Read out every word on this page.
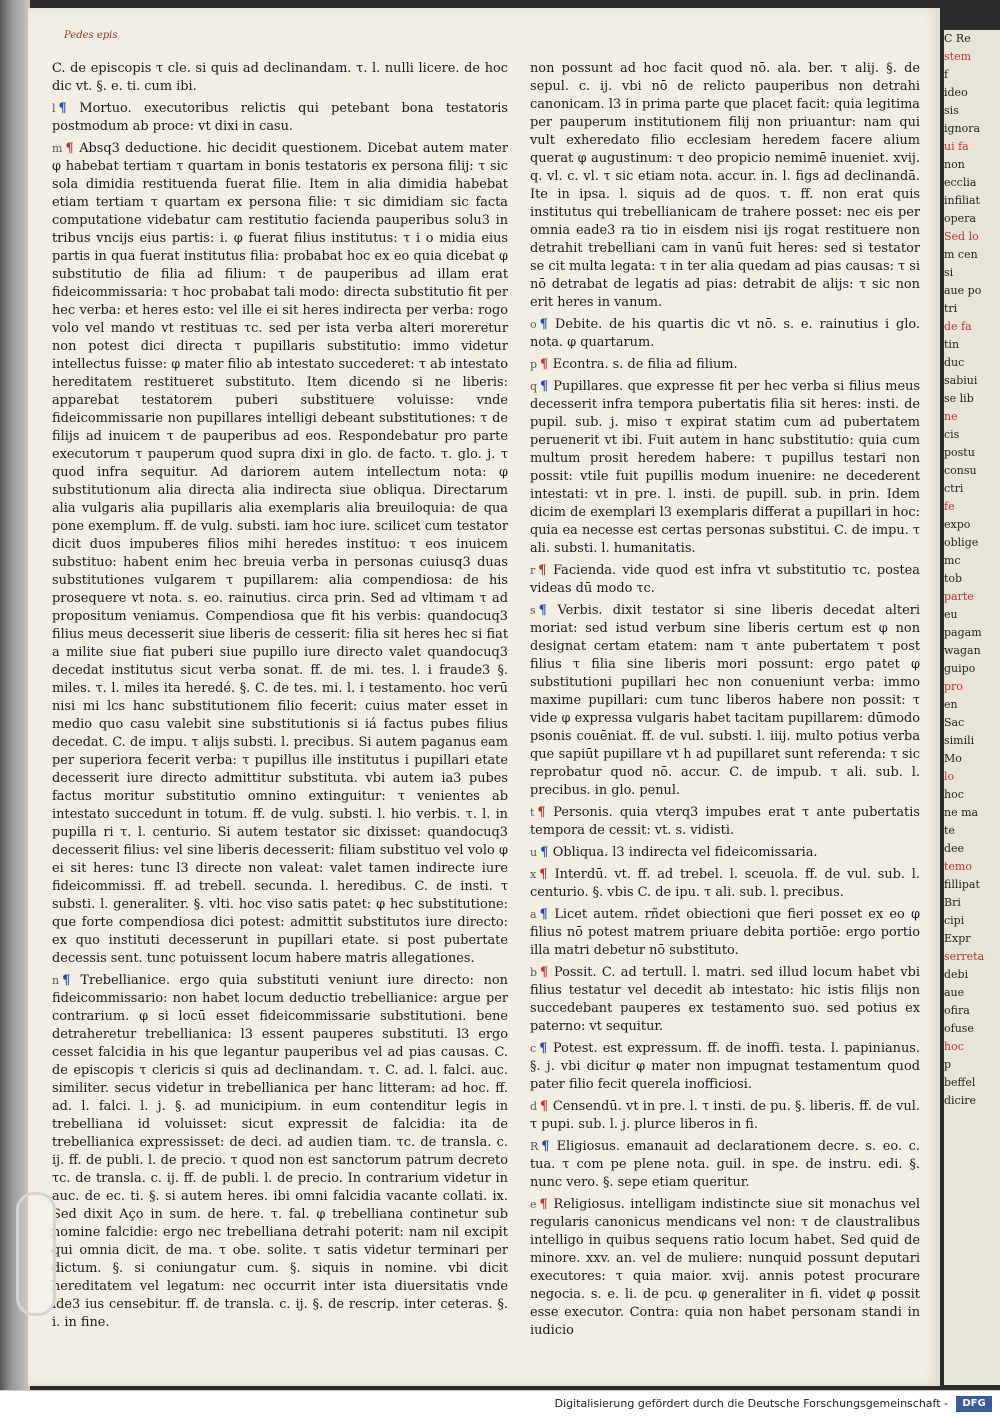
Pedes epis
C. de episcopis τ cle. si quis ad declinandam. τ. l. nulli licere. de hoc dic vt. §. e. ti. cum ibi.
l ¶ Mortuo. executoribus relictis qui petebant bona testatoris postmodum ab proce: vt dixi in casu.
m ¶ Absq3 deductione. hic decidit questionem. Dicebat autem mater φ habebat tertiam τ quartam in bonis testatoris ex persona filij: τ sic sola dimidia restituenda fuerat filie. Item in alia dimidia habebat etiam tertiam τ quartam ex persona filie: τ sic dimidiam sic facta computatione videbatur cam restitutio facienda pauperibus solu3 in tribus vncijs eius partis: i. φ fuerat filius institutus: τ i o midia eius partis in qua fuerat institutus filia: probabat hoc ex eo quia dicebat φ substitutio de filia ad filium: τ de pauperibus ad illam erat fideicommissaria: τ hoc probabat tali modo: directa substitutio fit per hec verba: et heres esto: vel ille ei sit heres indirecta per verba: rogo volo vel mando vt restituas τc. sed per ista verba alteri moreretur non potest dici directa τ pupillaris substitutio: immo videtur intellectus fuisse: φ mater filio ab intestato succederet: τ ab intestato hereditatem restitueret substituto. Item dicendo si ne liberis: apparebat testatorem puberi substituere voluisse: vnde fideicommissarie non pupillares intelligi debeant substitutiones: τ de filijs ad inuicem τ de pauperibus ad eos. Respondebatur pro parte executorum τ pauperum quod supra dixi in glo. de facto. τ. glo. j. τ quod infra sequitur. Ad dariorem autem intellectum nota: φ substitutionum alia directa alia indirecta siue obliqua. Directarum alia vulgaris alia pupillaris alia exemplaris alia breuiloquia: de qua pone exemplum. ff. de vulg. substi. iam hoc iure. scilicet cum testator dicit duos impuberes filios mihi heredes instituo: τ eos inuicem substituo: habent enim hec breuia verba in personas cuiusq3 duas substitutiones vulgarem τ pupillarem: alia compendiosa: de his prosequere vt nota. s. eo. rainutius. circa prin. Sed ad vltimam τ ad propositum veniamus. Compendiosa que fit his verbis: quandocuq3 filius meus decesserit siue liberis de cesserit: filia sit heres hec si fiat a milite siue fiat puberi siue pupillo iure directo valet quandocuq3 decedat institutus sicut verba sonat. ff. de mi. tes. l. i fraude3 §. miles. τ. l. miles ita heredé. §. C. de tes. mi. l. i testamento. hoc verū nisi mi lcs hanc substitutionem filio fecerit: cuius mater esset in medio quo casu valebit sine substitutionis si iá factus pubes filius decedat. C. de impu. τ alijs substi. l. precibus. Si autem paganus eam per superiora fecerit verba: τ pupillus ille institutus i pupillari etate decesserit iure directo admittitur substituta. vbi autem ia3 pubes factus moritur substitutio omnino extinguitur: τ venientes ab intestato succedunt in totum. ff. de vulg. substi. l. hio verbis. τ. l. in pupilla ri τ. l. centurio. Si autem testator sic dixisset: quandocuq3 decesserit filius: vel sine liberis decesserit: filiam substituo vel volo φ ei sit heres: tunc l3 directe non valeat: valet tamen indirecte iure fideicommissi. ff. ad trebell. secunda. l. heredibus. C. de insti. τ substi. l. generaliter. §. vlti. hoc viso satis patet: φ hec substitutione: que forte compendiosa dici potest: admittit substitutos iure directo: ex quo instituti decesserunt in pupillari etate. si post pubertate decessis sent. tunc potuissent locum habere matris allegationes.
n ¶ Trebellianice. ergo quia substituti veniunt iure directo: non fideicommissario: non habet locum deductio trebellianice: argue per contrarium. φ si locū esset fideicommissarie substitutioni. bene detraheretur trebellianica: l3 essent pauperes substituti. l3 ergo cesset falcidia in his que legantur pauperibus vel ad pias causas. C. de episcopis τ clericis si quis ad declinandam. τ. C. ad. l. falci. auc. similiter. secus videtur in trebellianica per hanc litteram: ad hoc. ff. ad. l. falci. l. j. §. ad municipium. in eum contenditur legis in trebelliana id voluisset: sicut expressit de falcidia: ita de trebellianica expressisset: de deci. ad audien tiam. τc. de transla. c. ij. ff. de publi. l. de precio. τ quod non est sanctorum patrum decreto τc. de transla. c. ij. ff. de publi. l. de precio. In contrarium videtur in auc. de ec. ti. §. si autem heres. ibi omni falcidia vacante collati. ix. Sed dixit Aço in sum. de here. τ. fal. φ trebelliana continetur sub nomine falcidie: ergo nec trebelliana detrahi poterit: nam nil excipit qui omnia dicit. de ma. τ obe. solite. τ satis videtur terminari per dictum. §. si coniungatur cum. §. siquis in nomine. vbi dicit hereditatem vel legatum: nec occurrit inter ista diuersitatis vnde ide3 ius censebitur. ff. de transla. c. ij. §. de rescrip. inter ceteras. §. i. in fine.
non possunt ad hoc facit quod nō. ala. ber. τ alij. §. de sepul. c. ij. vbi nō de relicto pauperibus non detrahi canonicam. l3 in prima parte que placet facit: quia legitima per pauperum institutionem filij non priuantur: nam qui vult exheredato filio ecclesiam heredem facere alium querat φ augustinum: τ deo propicio nemimē inueniet. xvij. q. vl. c. vl. τ sic etiam nota. accur. in. l. figs ad declinandā. Ite in ipsa. l. siquis ad de quos. τ. ff. non erat quis institutus qui trebellianicam de trahere posset: nec eis per omnia eade3 ra tio in eisdem nisi ijs rogat restituere non detrahit trebelliani cam in vanū fuit heres: sed si testator se cit multa legata: τ in ter alia quedam ad pias causas: τ si nō detrabat de legatis ad pias: detrabit de alijs: τ sic non erit heres in vanum.
o ¶ Debite. de his quartis dic vt nō. s. e. rainutius i glo. nota. φ quartarum.
p ¶ Econtra. s. de filia ad filium.
q ¶ Pupillares. que expresse fit per hec verba si filius meus decesserit infra tempora pubertatis filia sit heres: insti. de pupil. sub. j. miso τ expirat statim cum ad pubertatem peruenerit vt ibi. Fuit autem in hanc substitutio: quia cum multum prosit heredem habere: τ pupillus testari non possit: vtile fuit pupillis modum inuenire: ne decederent intestati: vt in pre. l. insti. de pupill. sub. in prin. Idem dicim de exemplari l3 exemplaris differat a pupillari in hoc: quia ea necesse est certas personas substitui. C. de impu. τ ali. substi. l. humanitatis.
r ¶ Facienda. vide quod est infra vt substitutio τc. postea videas dū modo τc.
s ¶ Verbis. dixit testator si sine liberis decedat alteri moriat: sed istud verbum sine liberis certum est φ non designat certam etatem: nam τ ante pubertatem τ post filius τ filia sine liberis mori possunt: ergo patet φ substitutioni pupillari hec non conueniunt verba: immo maxime pupillari: cum tunc liberos habere non possit: τ vide φ expressa vulgaris habet tacitam pupillarem: dūmodo psonis couēniat. ff. de vul. substi. l. iiij. multo potius verba que sapiūt pupillare vt h ad pupillaret sunt referenda: τ sic reprobatur quod nō. accur. C. de impub. τ ali. sub. l. precibus. in glo. penul.
t ¶ Personis. quia vterq3 impubes erat τ ante pubertatis tempora de cessit: vt. s. vidisti.
u ¶ Obliqua. l3 indirecta vel fideicomissaria.
x ¶ Interdū. vt. ff. ad trebel. l. sceuola. ff. de vul. sub. l. centurio. §. vbis C. de ipu. τ ali. sub. l. precibus.
a ¶ Licet autem. rñdet obiectioni que fieri posset ex eo φ filius nō potest matrem priuare debita portiōe: ergo portio illa matri debetur nō substituto.
b ¶ Possit. C. ad tertull. l. matri. sed illud locum habet vbi filius testatur vel decedit ab intestato: hic istis filijs non succedebant pauperes ex testamento suo. sed potius ex paterno: vt sequitur.
c ¶ Potest. est expressum. ff. de inoffi. testa. l. papinianus. §. j. vbi dicitur φ mater non impugnat testamentum quod pater filio fecit querela inofficiosi.
d ¶ Censendū. vt in pre. l. τ insti. de pu. §. liberis. ff. de vul. τ pupi. sub. l. j. plurce liberos in fi.
R ¶ Eligiosus. emanauit ad declarationem decre. s. eo. c. tua. τ com pe plene nota. guil. in spe. de instru. edi. §. nunc vero. §. sepe etiam queritur.
e ¶ Religiosus. intelligam indistincte siue sit monachus vel regularis canonicus mendicans vel non: τ de claustralibus intelligo in quibus sequens ratio locum habet. Sed quid de minore. xxv. an. vel de muliere: nunquid possunt deputari executores: τ quia maior. xvij. annis potest procurare negocia. s. e. li. de pcu. φ generaliter in fi. videt φ possit esse executor. Contra: quia non habet personam standi in iudicio
C Re
stem
f
ideo
sis
ignora
ui fa
non
ecclia
infiliat
opera
Sed lo
m cen
si
aue po
tri
de fa
tin
duc
sabiui
se lib
ne
cis
postu
consu
ctri
fe
expo
oblige
mc
tob
parte
eu
pagam
wagan
guipo
pro
en
Sac
simili
Mo
lo
hoc
ne ma
te
dee
temo
fillipat
Bri
cipi
Expr
serreta
debi
aue
ofira
ofuse
hoc
p
beffel
dicire
Digitalisierung gefördert durch die Deutsche Forschungsgemeinschaft -	DFG
